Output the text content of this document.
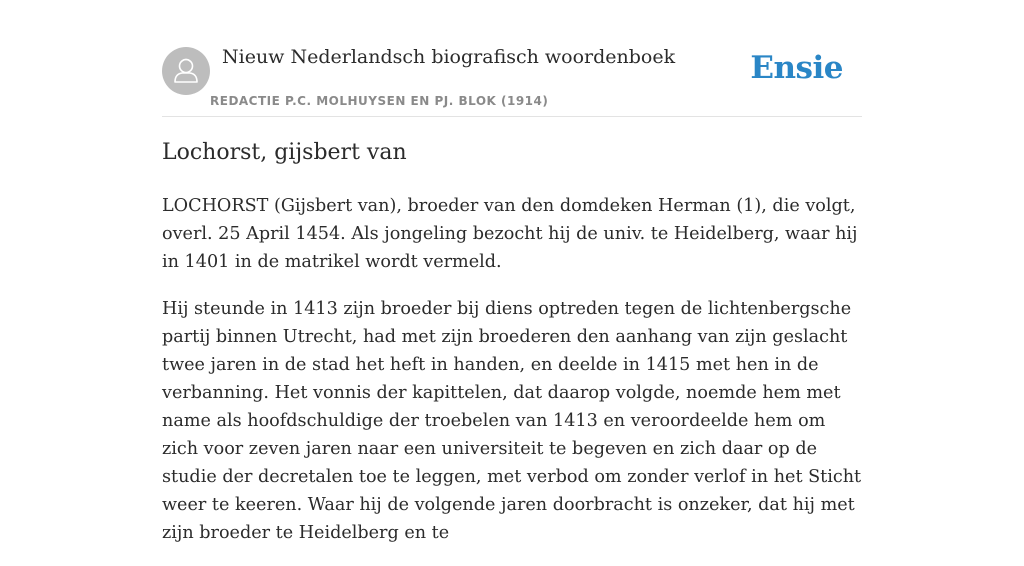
Nieuw Nederlandsch biografisch woordenboek
REDACTIE P.C. MOLHUYSEN EN PJ. BLOK (1914)
Ensie
Lochorst, gijsbert van

LOCHORST (Gijsbert van), broeder van den domdeken Herman (1), die volgt, overl. 25 April 1454. Als jongeling bezocht hij de univ. te Heidelberg, waar hij in 1401 in de matrikel wordt vermeld.

Hij steunde in 1413 zijn broeder bij diens optreden tegen de lichtenbergsche partij binnen Utrecht, had met zijn broederen den aanhang van zijn geslacht twee jaren in de stad het heft in handen, en deelde in 1415 met hen in de verbanning. Het vonnis der kapittelen, dat daarop volgde, noemde hem met name als hoofdschuldige der troebelen van 1413 en veroordeelde hem om zich voor zeven jaren naar een universiteit te begeven en zich daar op de studie der decretalen toe te leggen, met verbod om zonder verlof in het Sticht weer te keeren. Waar hij de volgende jaren doorbracht is onzeker, dat hij met zijn broeder te Heidelberg en te
